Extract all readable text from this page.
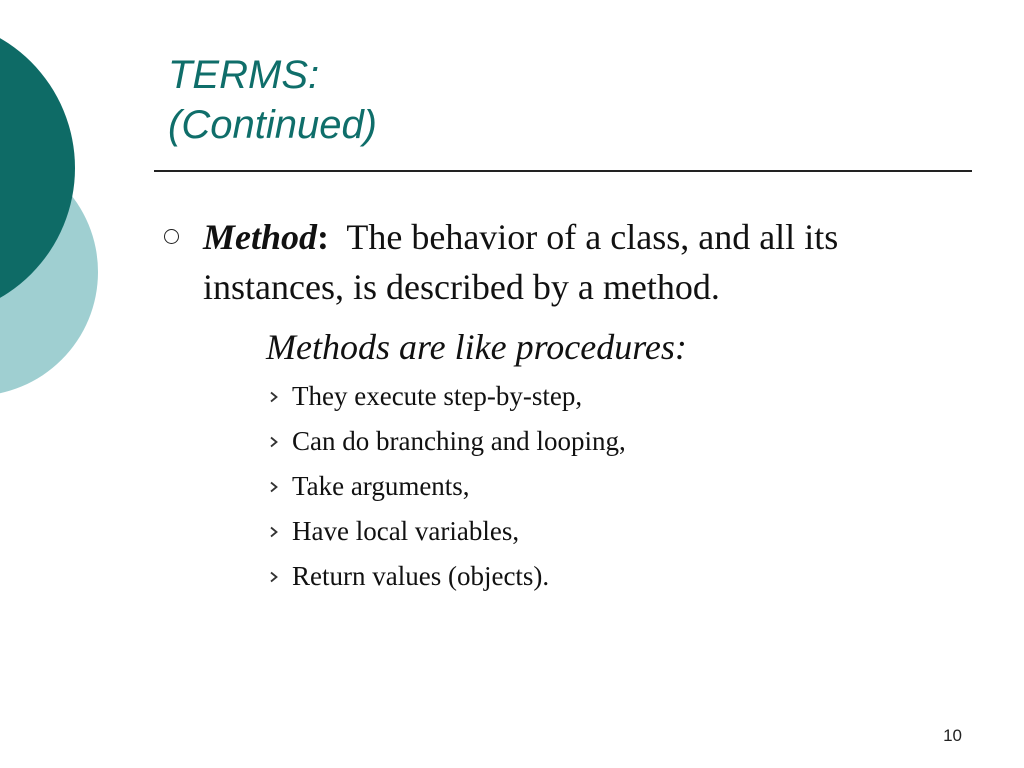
TERMS:
(Continued)
Method:  The behavior of a class, and all its instances, is described by a method.
Methods are like procedures:
They execute step-by-step,
Can do branching and looping,
Take arguments,
Have local variables,
Return values (objects).
10
